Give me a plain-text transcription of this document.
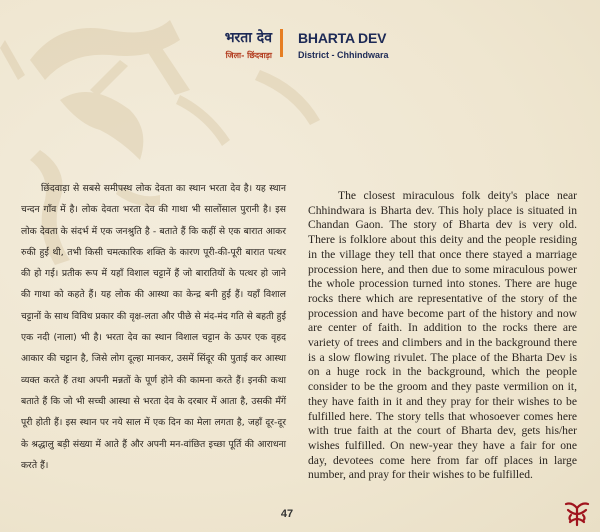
भरता देव
जिला- छिंदवाड़ा
BHARTA DEV
District - Chhindwara

छिंदवाड़ा से सबसे समीपस्थ लोक देवता का स्थान भरता देव है। यह स्थान चन्दन गाँव में है। लोक देवता भरता देव की गाथा भी सालोंसाल पुरानी है। इस लोक देवता के संदर्भ में एक जनश्रुति है - बताते हैं कि कहीं से एक बारात आकर रुकी हुई थी, तभी किसी चमत्कारिक शक्ति के कारण पूरी-की-पूरी बारात पत्थर की हो गई। प्रतीक रूप में यहाँ विशाल चट्टानें हैं जो बारातियों के पत्थर हो जाने की गाथा को कहते हैं। यह लोक की आस्था का केन्द्र बनी हुई हैं। यहाँ विशाल चट्टानों के साथ विविध प्रकार की वृक्ष-लता और पीछे से मंद-मंद गति से बहती हुई एक नदी (नाला) भी है। भरता देव का स्थान विशाल चट्टान के ऊपर एक वृहद आकार की चट्टान है, जिसे लोग दूल्हा मानकर, उसमें सिंदूर की पुताई कर आस्था व्यक्त करते हैं तथा अपनी मन्नतों के पूर्ण होने की कामना करते हैं। इनकी कथा बताते हैं कि जो भी सच्ची आस्था से भरता देव के दरबार में आता है, उसकी मँगें पूरी होती हैं। इस स्थान पर नये साल में एक दिन का मेला लगता है, जहाँ दूर-दूर के श्रद्धालु बड़ी संख्या में आते हैं और अपनी मन-वांछित इच्छा पूर्ति की आराधना करते हैं।

The closest miraculous folk deity's place near Chhindwara is Bharta dev. This holy place is situated in Chandan Gaon. The story of Bharta dev is very old. There is folklore about this deity and the people residing in the village they tell that once there stayed a marriage procession here, and then due to some miraculous power the whole procession turned into stones. There are huge rocks there which are representative of the story of the procession and have become part of the history and now are center of faith. In addition to the rocks there are variety of trees and climbers and in the background there is a slow flowing rivulet. The place of the Bharta Dev is on a huge rock in the background, which the people consider to be the groom and they paste vermilion on it, they have faith in it and they pray for their wishes to be fulfilled here. The story tells that whosoever comes here with true faith at the court of Bharta dev, gets his/her wishes fulfilled. On new-year they have a fair for one day, devotees come here from far off places in large number, and pray for their wishes to be fulfilled.

47
